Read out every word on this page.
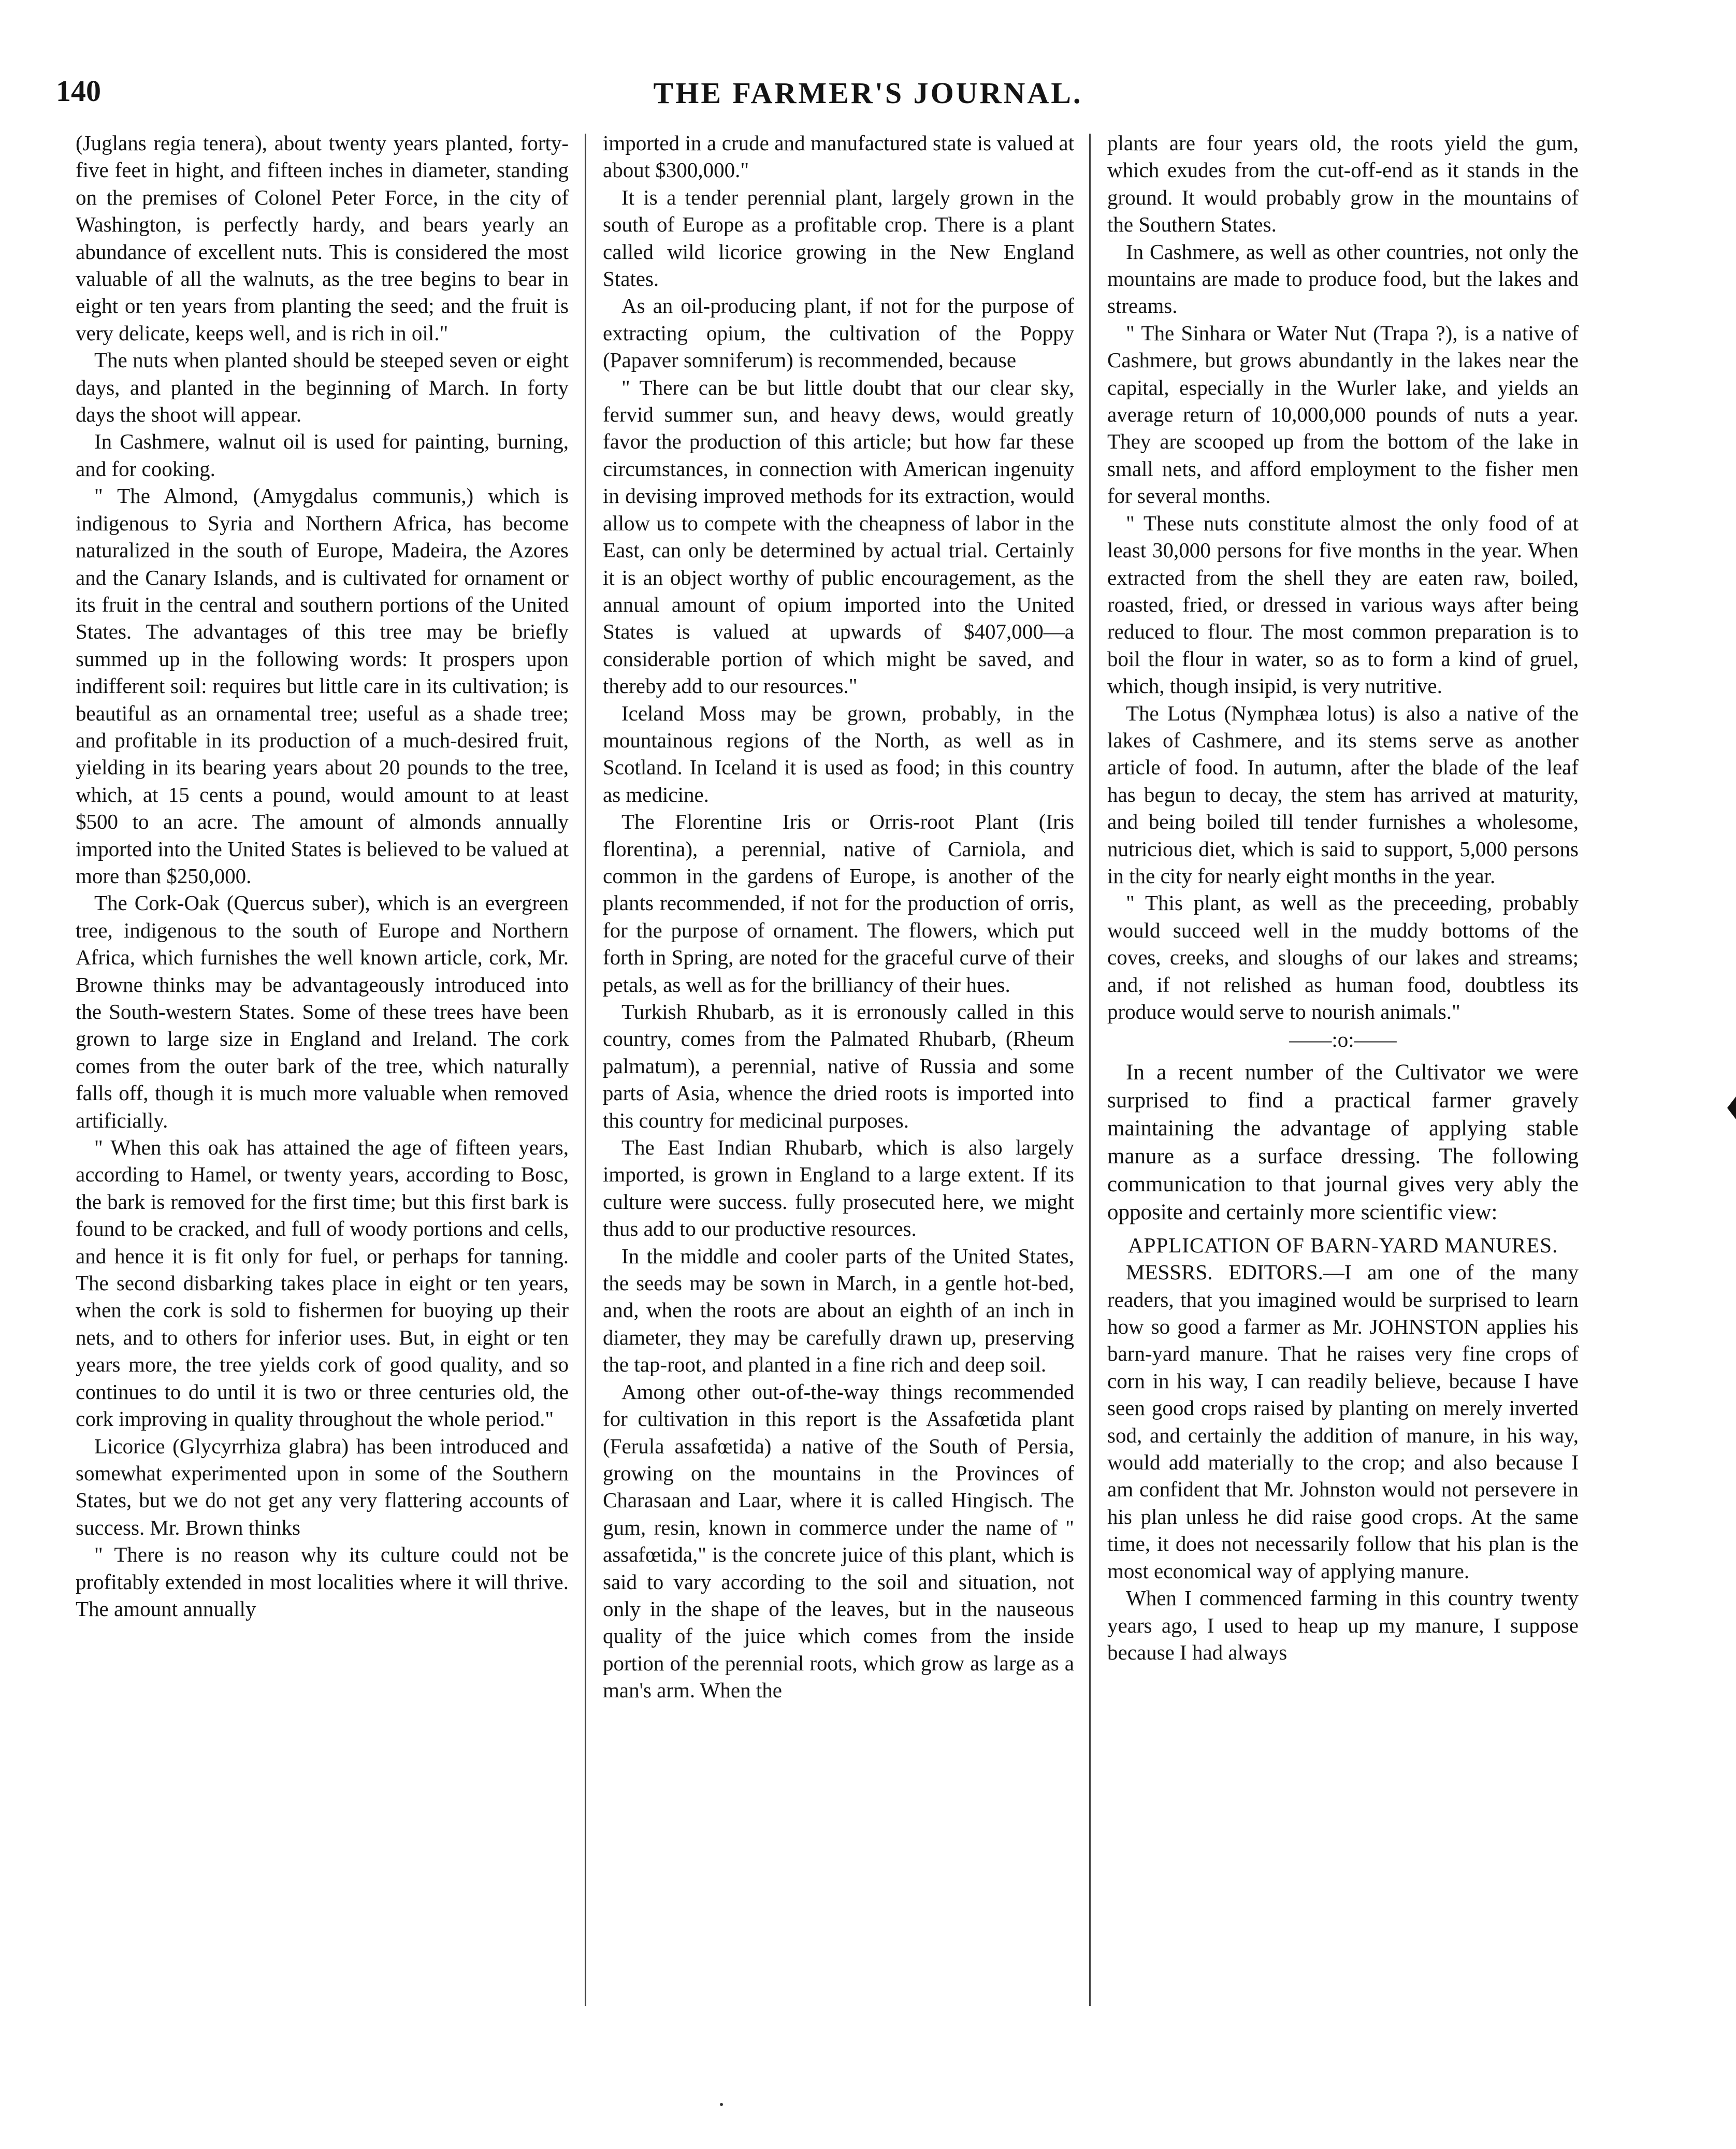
140	THE FARMER'S JOURNAL.

(Juglans regia tenera), about twenty years planted, forty-five feet in hight, and fifteen inches in diameter, standing on the premises of Colonel Peter Force, in the city of Washington, is perfectly hardy, and bears yearly an abundance of excellent nuts. This is considered the most valuable of all the walnuts, as the tree begins to bear in eight or ten years from planting the seed; and the fruit is very delicate, keeps well, and is rich in oil."

The nuts when planted should be steeped seven or eight days, and planted in the beginning of March. In forty days the shoot will appear.

In Cashmere, walnut oil is used for painting, burning, and for cooking.

" The Almond, (Amygdalus communis,) which is indigenous to Syria and Northern Africa, has become naturalized in the south of Europe, Madeira, the Azores and the Canary Islands, and is cultivated for ornament or its fruit in the central and southern portions of the United States. The advantages of this tree may be briefly summed up in the following words: It prospers upon indifferent soil: requires but little care in its cultivation; is beautiful as an ornamental tree; useful as a shade tree; and profitable in its production of a much-desired fruit, yielding in its bearing years about 20 pounds to the tree, which, at 15 cents a pound, would amount to at least $500 to an acre. The amount of almonds annually imported into the United States is believed to be valued at more than $250,000.

The Cork-Oak (Quercus suber), which is an evergreen tree, indigenous to the south of Europe and Northern Africa, which furnishes the well known article, cork, Mr. Browne thinks may be advantageously introduced into the South-western States. Some of these trees have been grown to large size in England and Ireland. The cork comes from the outer bark of the tree, which naturally falls off, though it is much more valuable when removed artificially.

" When this oak has attained the age of fifteen years, according to Hamel, or twenty years, according to Bosc, the bark is removed for the first time; but this first bark is found to be cracked, and full of woody portions and cells, and hence it is fit only for fuel, or perhaps for tanning. The second disbarking takes place in eight or ten years, when the cork is sold to fishermen for buoying up their nets, and to others for inferior uses. But, in eight or ten years more, the tree yields cork of good quality, and so continues to do until it is two or three centuries old, the cork improving in quality throughout the whole period."

Licorice (Glycyrrhiza glabra) has been introduced and somewhat experimented upon in some of the Southern States, but we do not get any very flattering accounts of success. Mr. Brown thinks

" There is no reason why its culture could not be profitably extended in most localities where it will thrive. The amount annually

imported in a crude and manufactured state is valued at about $300,000."

It is a tender perennial plant, largely grown in the south of Europe as a profitable crop. There is a plant called wild licorice growing in the New England States.

As an oil-producing plant, if not for the purpose of extracting opium, the cultivation of the Poppy (Papaver somniferum) is recommended, because

" There can be but little doubt that our clear sky, fervid summer sun, and heavy dews, would greatly favor the production of this article; but how far these circumstances, in connection with American ingenuity in devising improved methods for its extraction, would allow us to compete with the cheapness of labor in the East, can only be determined by actual trial. Certainly it is an object worthy of public encouragement, as the annual amount of opium imported into the United States is valued at upwards of $407,000—a considerable portion of which might be saved, and thereby add to our resources."

Iceland Moss may be grown, probably, in the mountainous regions of the North, as well as in Scotland. In Iceland it is used as food; in this country as medicine.

The Florentine Iris or Orris-root Plant (Iris florentina), a perennial, native of Carniola, and common in the gardens of Europe, is another of the plants recommended, if not for the production of orris, for the purpose of ornament. The flowers, which put forth in Spring, are noted for the graceful curve of their petals, as well as for the brilliancy of their hues.

Turkish Rhubarb, as it is erronously called in this country, comes from the Palmated Rhubarb, (Rheum palmatum), a perennial, native of Russia and some parts of Asia, whence the dried roots is imported into this country for medicinal purposes.

The East Indian Rhubarb, which is also largely imported, is grown in England to a large extent. If its culture were success. fully prosecuted here, we might thus add to our productive resources.

In the middle and cooler parts of the United States, the seeds may be sown in March, in a gentle hot-bed, and, when the roots are about an eighth of an inch in diameter, they may be carefully drawn up, preserving the tap-root, and planted in a fine rich and deep soil.

Among other out-of-the-way things recommended for cultivation in this report is the Assafœtida plant (Ferula assafœtida) a native of the South of Persia, growing on the mountains in the Provinces of Charasaan and Laar, where it is called Hingisch. The gum, resin, known in commerce under the name of " assafœtida," is the concrete juice of this plant, which is said to vary according to the soil and situation, not only in the shape of the leaves, but in the nauseous quality of the juice which comes from the inside portion of the perennial roots, which grow as large as a man's arm. When the

plants are four years old, the roots yield the gum, which exudes from the cut-off-end as it stands in the ground. It would probably grow in the mountains of the Southern States.

In Cashmere, as well as other countries, not only the mountains are made to produce food, but the lakes and streams.

" The Sinhara or Water Nut (Trapa ?), is a native of Cashmere, but grows abundantly in the lakes near the capital, especially in the Wurler lake, and yields an average return of 10,000,000 pounds of nuts a year. They are scooped up from the bottom of the lake in small nets, and afford employment to the fisher men for several months.

" These nuts constitute almost the only food of at least 30,000 persons for five months in the year. When extracted from the shell they are eaten raw, boiled, roasted, fried, or dressed in various ways after being reduced to flour. The most common preparation is to boil the flour in water, so as to form a kind of gruel, which, though insipid, is very nutritive.

The Lotus (Nymphæa lotus) is also a native of the lakes of Cashmere, and its stems serve as another article of food. In autumn, after the blade of the leaf has begun to decay, the stem has arrived at maturity, and being boiled till tender furnishes a wholesome, nutricious diet, which is said to support, 5,000 persons in the city for nearly eight months in the year.

" This plant, as well as the preceeding, probably would succeed well in the muddy bottoms of the coves, creeks, and sloughs of our lakes and streams; and, if not relished as human food, doubtless its produce would serve to nourish animals."

——:o:——

In a recent number of the Cultivator we were surprised to find a practical farmer gravely maintaining the advantage of applying stable manure as a surface dressing. The following communication to that journal gives very ably the opposite and certainly more scientific view:

APPLICATION OF BARN-YARD MANURES.

MESSRS. EDITORS.—I am one of the many readers, that you imagined would be surprised to learn how so good a farmer as Mr. JOHNSTON applies his barn-yard manure. That he raises very fine crops of corn in his way, I can readily believe, because I have seen good crops raised by planting on merely inverted sod, and certainly the addition of manure, in his way, would add materially to the crop; and also because I am confident that Mr. Johnston would not persevere in his plan unless he did raise good crops. At the same time, it does not necessarily follow that his plan is the most economical way of applying manure.

When I commenced farming in this country twenty years ago, I used to heap up my manure, I suppose because I had always
